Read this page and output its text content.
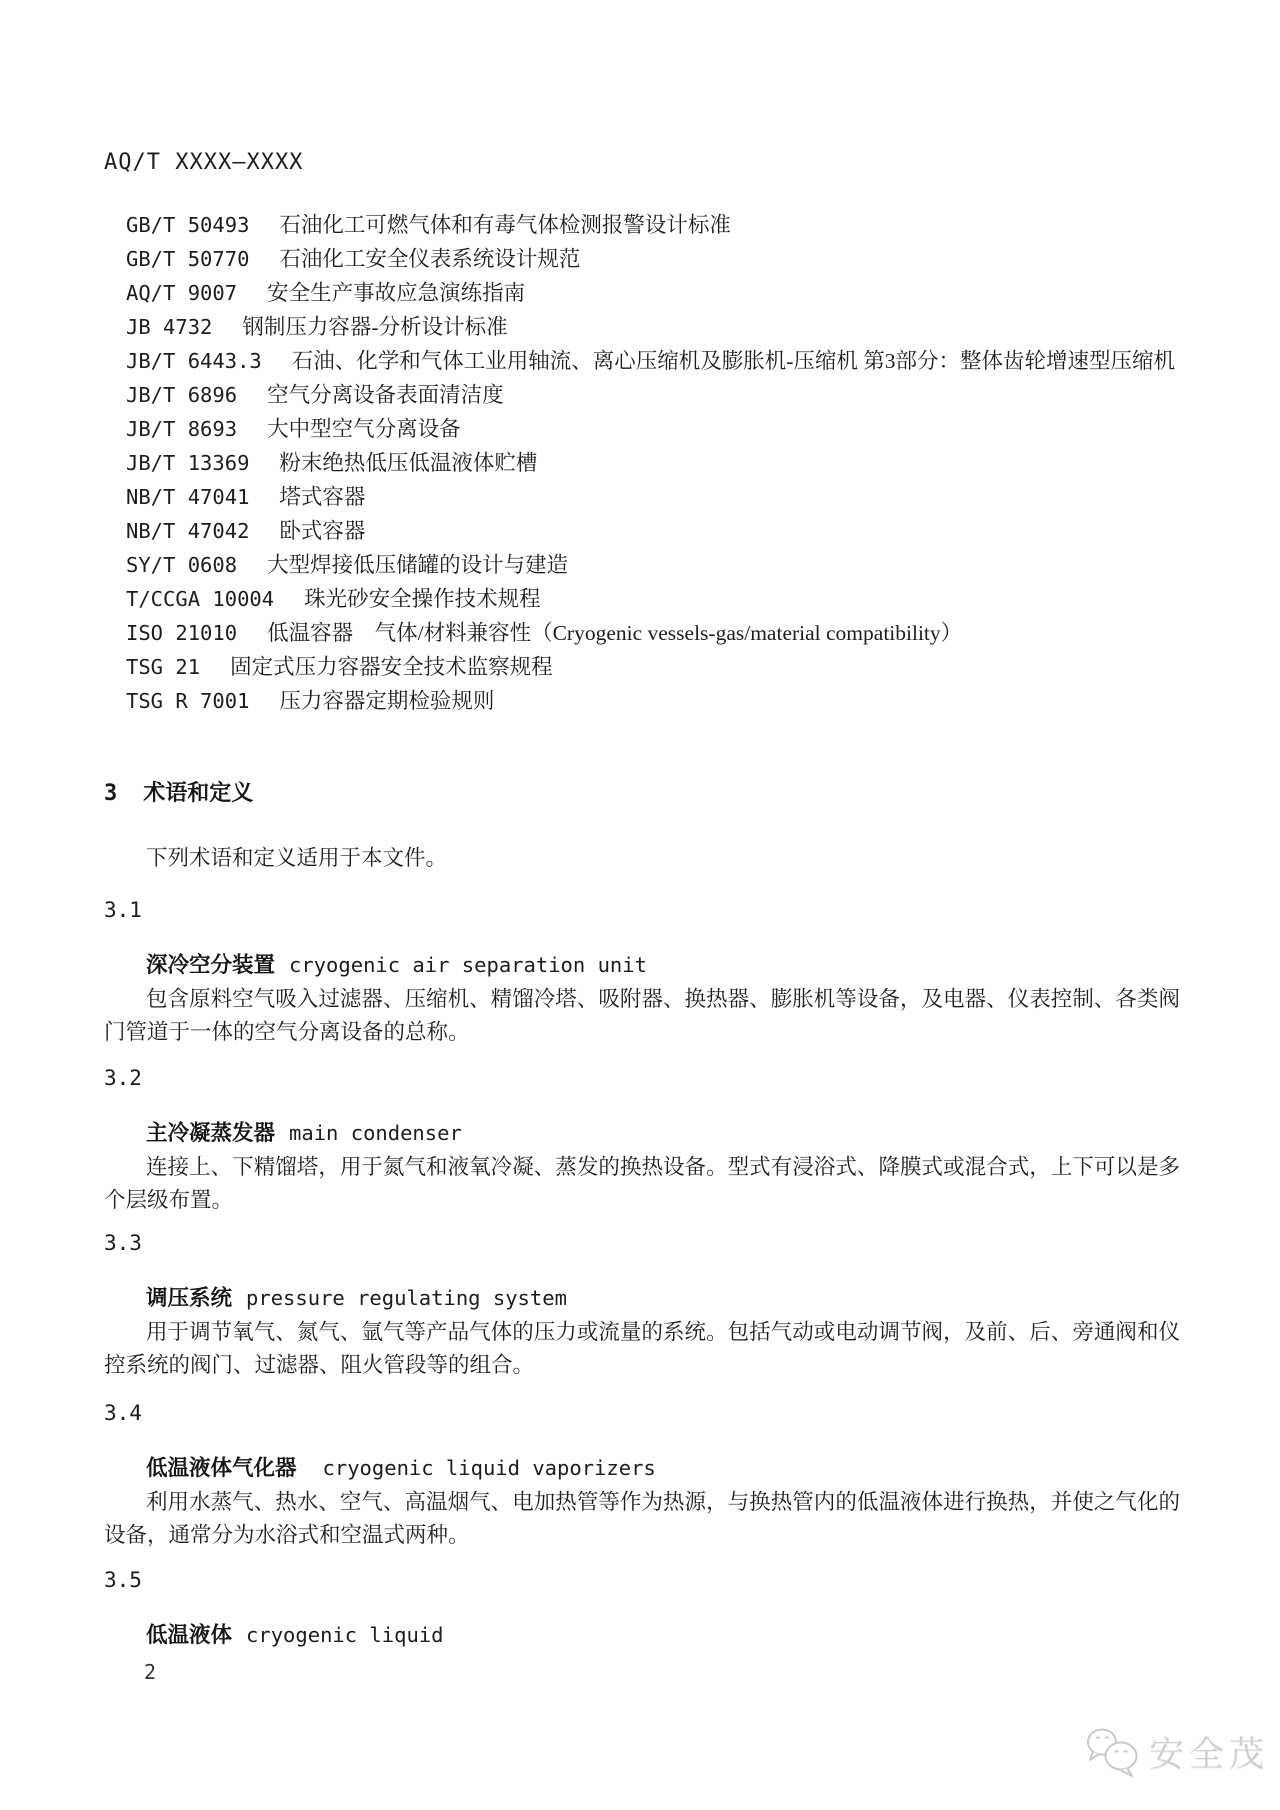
AQ/T XXXX—XXXX

GB/T 50493 石油化工可燃气体和有毒气体检测报警设计标准

GB/T 50770 石油化工安全仪表系统设计规范

AQ/T 9007 安全生产事故应急演练指南

JB 4732 钢制压力容器-分析设计标准

JB/T 6443.3 石油、化学和气体工业用轴流、离心压缩机及膨胀机-压缩机 第3部分：整体齿轮增速型压缩机

JB/T 6896 空气分离设备表面清洁度

JB/T 8693 大中型空气分离设备

JB/T 13369 粉末绝热低压低温液体贮槽

NB/T 47041 塔式容器

NB/T 47042 卧式容器

SY/T 0608 大型焊接低压储罐的设计与建造

T/CCGA 10004 珠光砂安全操作技术规程

ISO 21010 低温容器　气体/材料兼容性（Cryogenic vessels-gas/material compatibility）

TSG 21 固定式压力容器安全技术监察规程

TSG R 7001 压力容器定期检验规则

3 术语和定义

下列术语和定义适用于本文件。

3.1
深冷空分装置 cryogenic air separation unit

包含原料空气吸入过滤器、压缩机、精馏冷塔、吸附器、换热器、膨胀机等设备，及电器、仪表控制、各类阀门管道于一体的空气分离设备的总称。

3.2
主冷凝蒸发器 main condenser

连接上、下精馏塔，用于氮气和液氧冷凝、蒸发的换热设备。型式有浸浴式、降膜式或混合式，上下可以是多个层级布置。

3.3
调压系统 pressure regulating system

用于调节氧气、氮气、氩气等产品气体的压力或流量的系统。包括气动或电动调节阀，及前、后、旁通阀和仪控系统的阀门、过滤器、阻火管段等的组合。

3.4
低温液体气化器 cryogenic liquid vaporizers

利用水蒸气、热水、空气、高温烟气、电加热管等作为热源，与换热管内的低温液体进行换热，并使之气化的设备，通常分为水浴式和空温式两种。

3.5
低温液体 cryogenic liquid
2
安全茂
